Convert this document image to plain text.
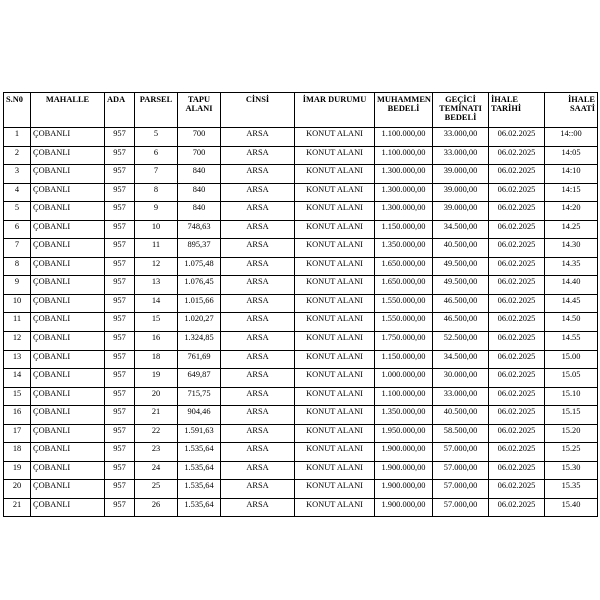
S.N0	MAHALLE	ADA	PARSEL	TAPU ALANI	CİNSİ	İMAR DURUMU	MUHAMMEN BEDELİ	GEÇİCİ TEMİNATI BEDELİ	İHALE TARİHİ	İHALE SAATİ
1	ÇOBANLI	957	5	700	ARSA	KONUT ALANI	1.100.000,00	33.000,00	06.02.2025	14::00
2	ÇOBANLI	957	6	700	ARSA	KONUT ALANI	1.100.000,00	33.000,00	06.02.2025	14:05
3	ÇOBANLI	957	7	840	ARSA	KONUT ALANI	1.300.000,00	39.000,00	06.02.2025	14:10
4	ÇOBANLI	957	8	840	ARSA	KONUT ALANI	1.300.000,00	39.000,00	06.02.2025	14:15
5	ÇOBANLI	957	9	840	ARSA	KONUT ALANI	1.300.000,00	39.000,00	06.02.2025	14:20
6	ÇOBANLI	957	10	748,63	ARSA	KONUT ALANI	1.150.000,00	34.500,00	06.02.2025	14.25
7	ÇOBANLI	957	11	895,37	ARSA	KONUT ALANI	1.350.000,00	40.500,00	06.02.2025	14.30
8	ÇOBANLI	957	12	1.075,48	ARSA	KONUT ALANI	1.650.000,00	49.500,00	06.02.2025	14.35
9	ÇOBANLI	957	13	1.076,45	ARSA	KONUT ALANI	1.650.000,00	49.500,00	06.02.2025	14.40
10	ÇOBANLI	957	14	1.015,66	ARSA	KONUT ALANI	1.550.000,00	46.500,00	06.02.2025	14.45
11	ÇOBANLI	957	15	1.020,27	ARSA	KONUT ALANI	1.550.000,00	46.500,00	06.02.2025	14.50
12	ÇOBANLI	957	16	1.324,85	ARSA	KONUT ALANI	1.750.000,00	52.500,00	06.02.2025	14.55
13	ÇOBANLI	957	18	761,69	ARSA	KONUT ALANI	1.150.000,00	34.500,00	06.02.2025	15.00
14	ÇOBANLI	957	19	649,87	ARSA	KONUT ALANI	1.000.000,00	30.000,00	06.02.2025	15.05
15	ÇOBANLI	957	20	715,75	ARSA	KONUT ALANI	1.100.000,00	33.000,00	06.02.2025	15.10
16	ÇOBANLI	957	21	904,46	ARSA	KONUT ALANI	1.350.000,00	40.500,00	06.02.2025	15.15
17	ÇOBANLI	957	22	1.591,63	ARSA	KONUT ALANI	1.950.000,00	58.500,00	06.02.2025	15.20
18	ÇOBANLI	957	23	1.535,64	ARSA	KONUT ALANI	1.900.000,00	57.000,00	06.02.2025	15.25
19	ÇOBANLI	957	24	1.535,64	ARSA	KONUT ALANI	1.900.000,00	57.000,00	06.02.2025	15.30
20	ÇOBANLI	957	25	1.535,64	ARSA	KONUT ALANI	1.900.000,00	57.000,00	06.02.2025	15.35
21	ÇOBANLI	957	26	1.535,64	ARSA	KONUT ALANI	1.900.000,00	57.000,00	06.02.2025	15.40
